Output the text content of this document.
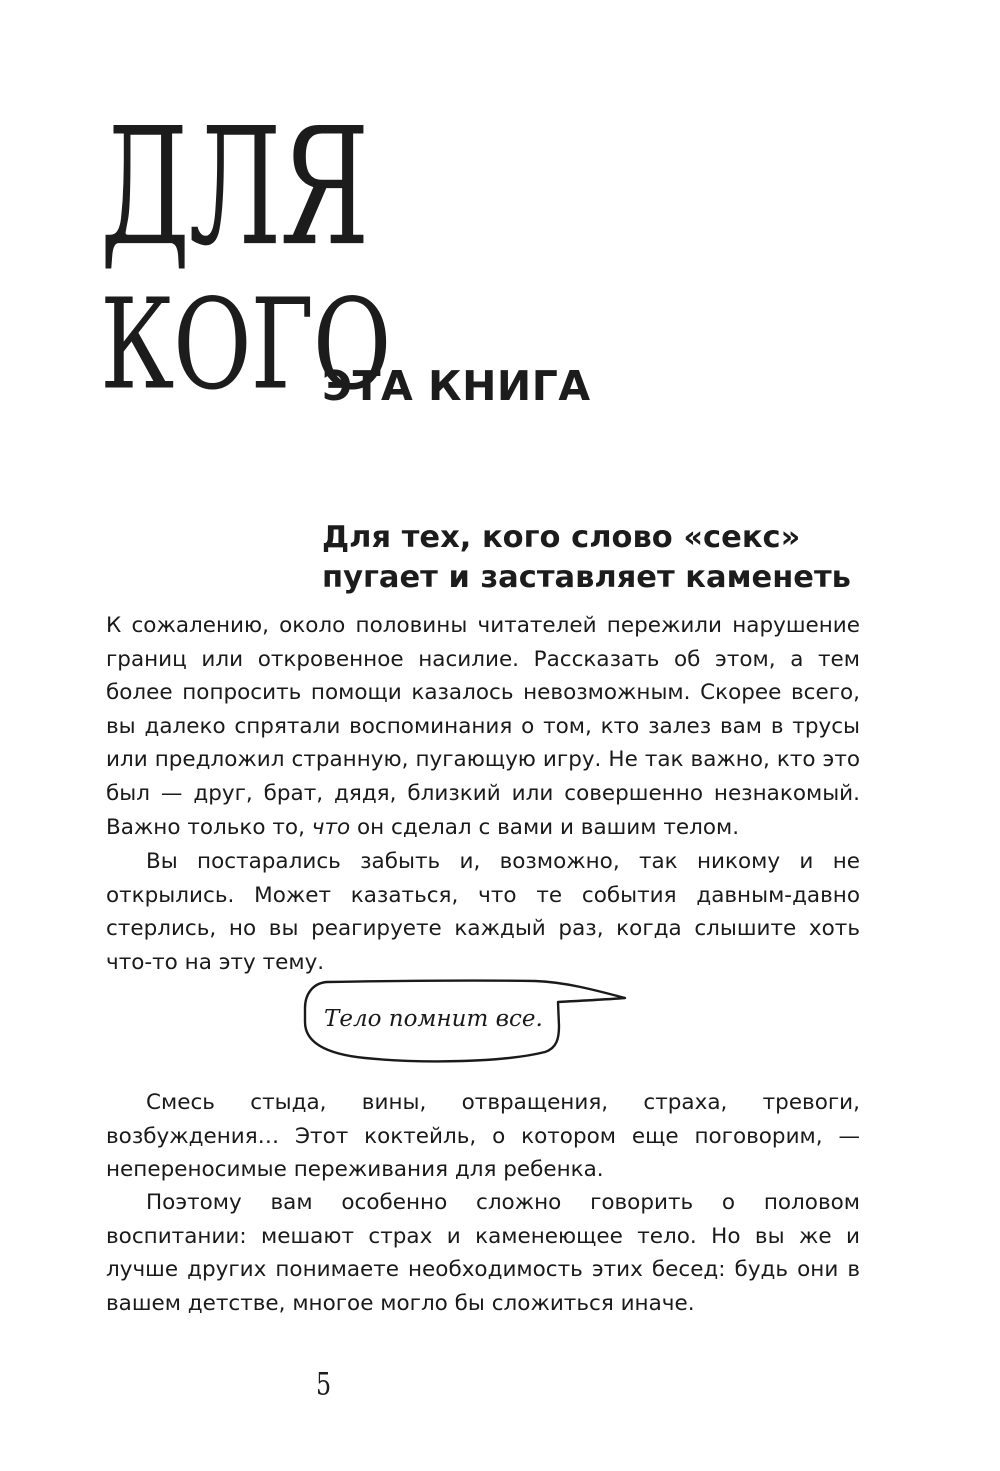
ДЛЯ
КОГО
ЭТА КНИГА
Для тех, кого слово «секс»
пугает и заставляет каменеть

К сожалению, около половины читателей пережили нарушение границ или откровенное насилие. Рассказать об этом, а тем более попросить помощи казалось невозможным. Скорее всего, вы далеко спрятали воспоминания о том, кто залез вам в трусы или предложил странную, пугающую игру. Не так важно, кто это был — друг, брат, дядя, близкий или совершенно незнакомый. Важно только то, что он сделал с вами и вашим телом.

Вы постарались забыть и, возможно, так никому и не открылись. Может казаться, что те события давным-давно стерлись, но вы реагируете каждый раз, когда слышите хоть что-то на эту тему.

Тело помнит все.

Смесь стыда, вины, отвращения, страха, тревоги, возбуждения… Этот коктейль, о котором еще поговорим, — непереносимые переживания для ребенка.

Поэтому вам особенно сложно говорить о половом воспитании: мешают страх и каменеющее тело. Но вы же и лучше других понимаете необходимость этих бесед: будь они в вашем детстве, многое могло бы сложиться иначе.

5
